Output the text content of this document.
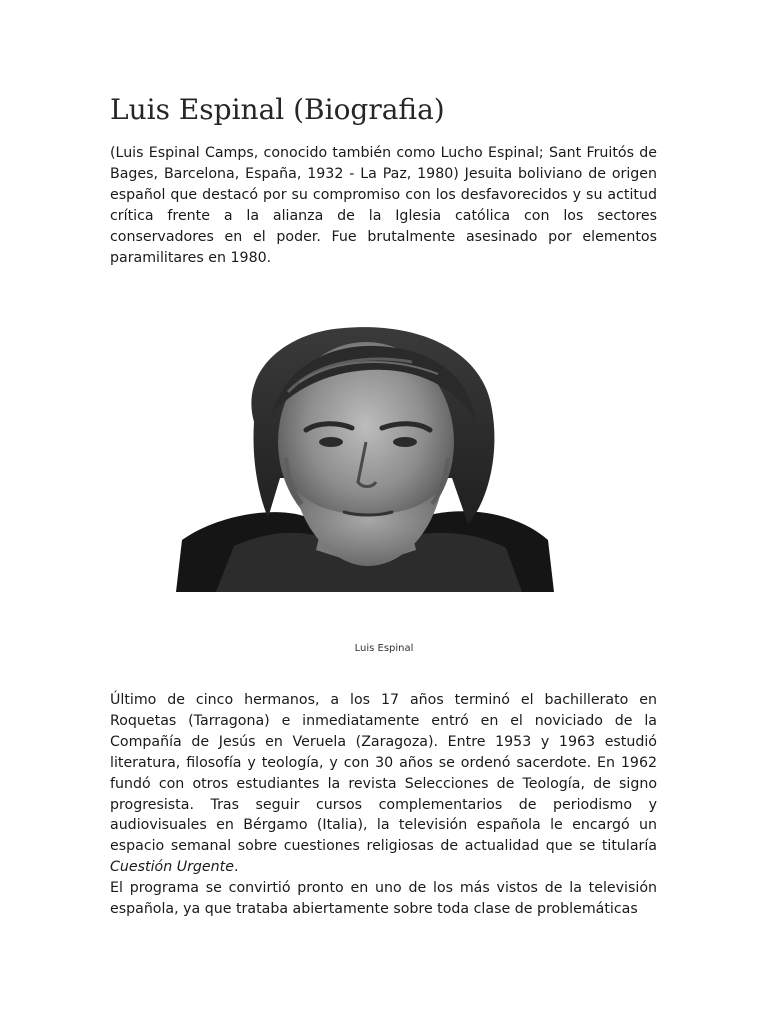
Luis Espinal (Biografia)

(Luis Espinal Camps, conocido también como Lucho Espinal; Sant Fruitós de Bages, Barcelona, España, 1932 - La Paz, 1980) Jesuita boliviano de origen español que destacó por su compromiso con los desfavorecidos y su actitud crítica frente a la alianza de la Iglesia católica con los sectores conservadores en el poder. Fue brutalmente asesinado por elementos paramilitares en 1980.

Luis Espinal

Último de cinco hermanos, a los 17 años terminó el bachillerato en Roquetas (Tarragona) e inmediatamente entró en el noviciado de la Compañía de Jesús en Veruela (Zaragoza). Entre 1953 y 1963 estudió literatura, filosofía y teología, y con 30 años se ordenó sacerdote. En 1962 fundó con otros estudiantes la revista Selecciones de Teología, de signo progresista. Tras seguir cursos complementarios de periodismo y audiovisuales en Bérgamo (Italia), la televisión española le encargó un espacio semanal sobre cuestiones religiosas de actualidad que se titularía Cuestión Urgente.

El programa se convirtió pronto en uno de los más vistos de la televisión española, ya que trataba abiertamente sobre toda clase de problemáticas
